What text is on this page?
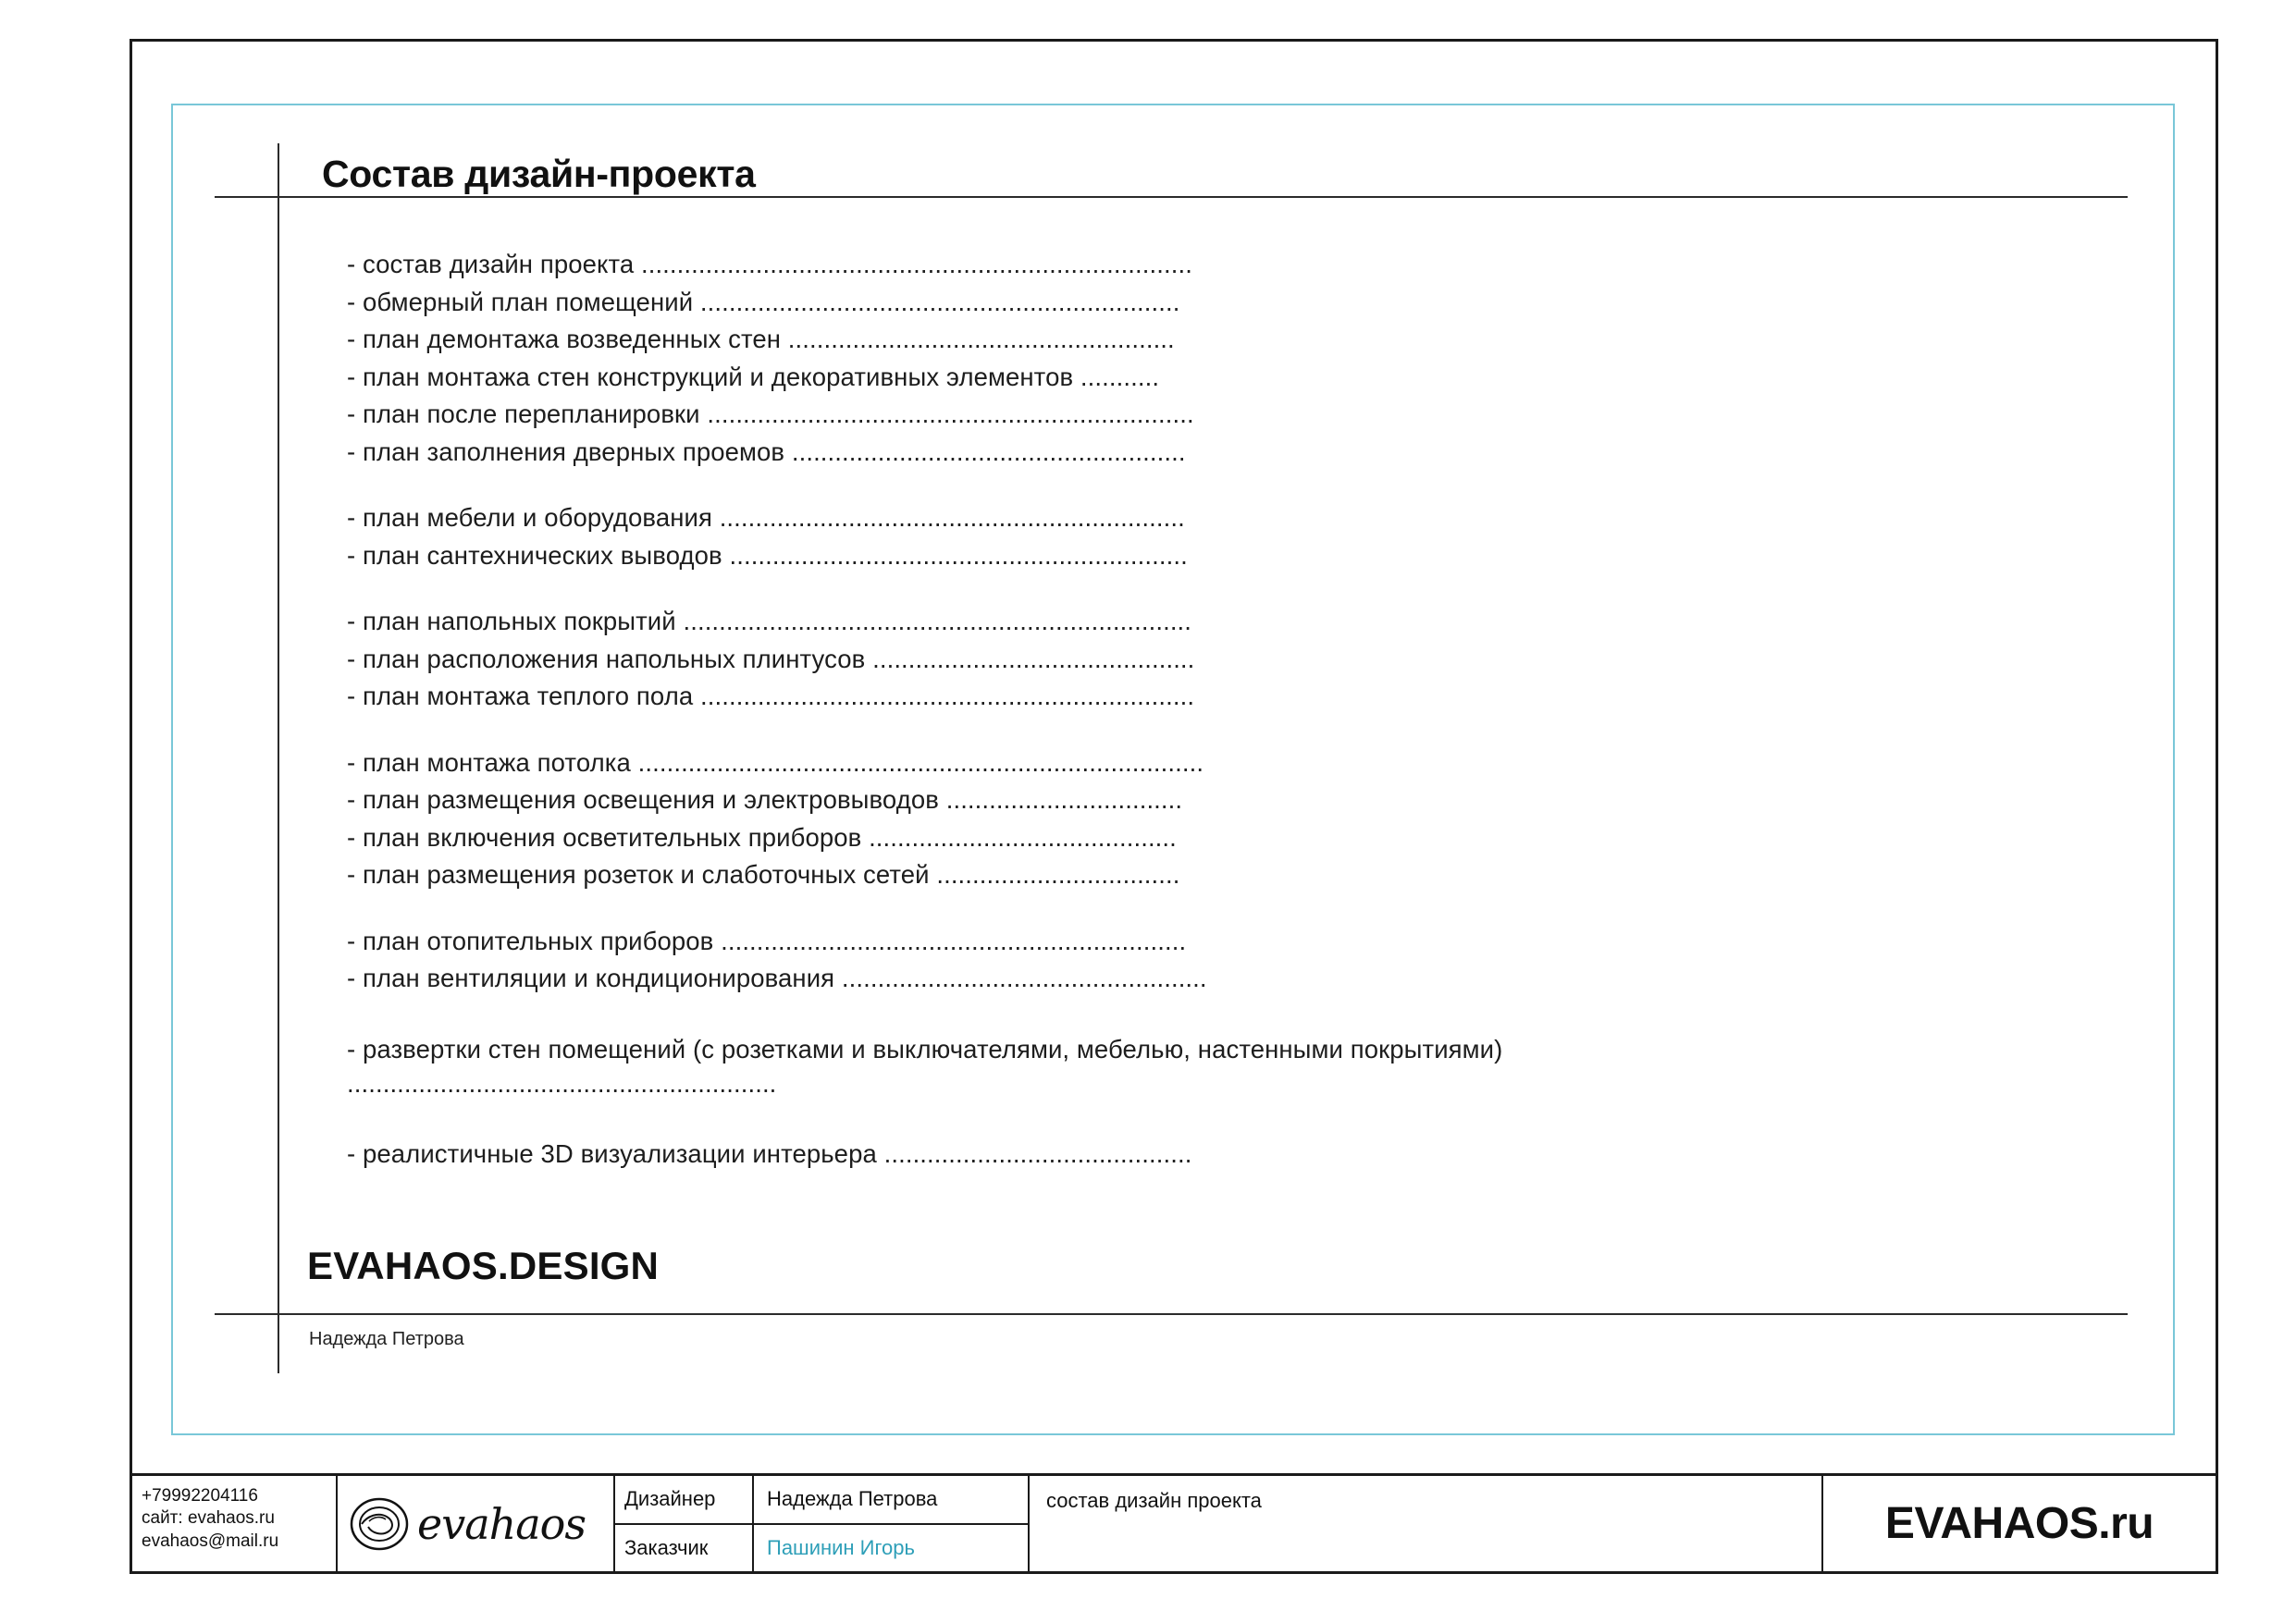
Состав дизайн-проекта
- состав дизайн проекта .............................................................................
- обмерный план помещений ...................................................................
- план демонтажа возведенных стен ......................................................
- план монтажа стен конструкций и декоративных элементов ...........
- план после перепланировки ....................................................................
- план заполнения дверных проемов .......................................................
- план мебели и оборудования .................................................................
- план сантехнических выводов ................................................................
- план напольных покрытий .......................................................................
- план расположения напольных плинтусов .............................................
- план монтажа теплого пола .....................................................................
- план монтажа потолка ...............................................................................
- план размещения освещения и электровыводов .................................
- план включения осветительных приборов ...........................................
- план размещения розеток и слаботочных сетей ..................................
- план отопительных приборов .................................................................
- план вентиляции и кондиционирования ...................................................
- развертки стен помещений (с розетками и выключателями, мебелью, настенными покрытиями) ............................................................
- реалистичные 3D визуализации интерьера ...........................................
EVAHAOS.DESIGN
Надежда Петрова
+79992204116
сайт: evahaos.ru
evahaos@mail.ru	evahaos	Дизайнер	Надежда Петрова
Заказчик	Пашинин Игорь
состав дизайн проекта	EVAHAOS.ru
